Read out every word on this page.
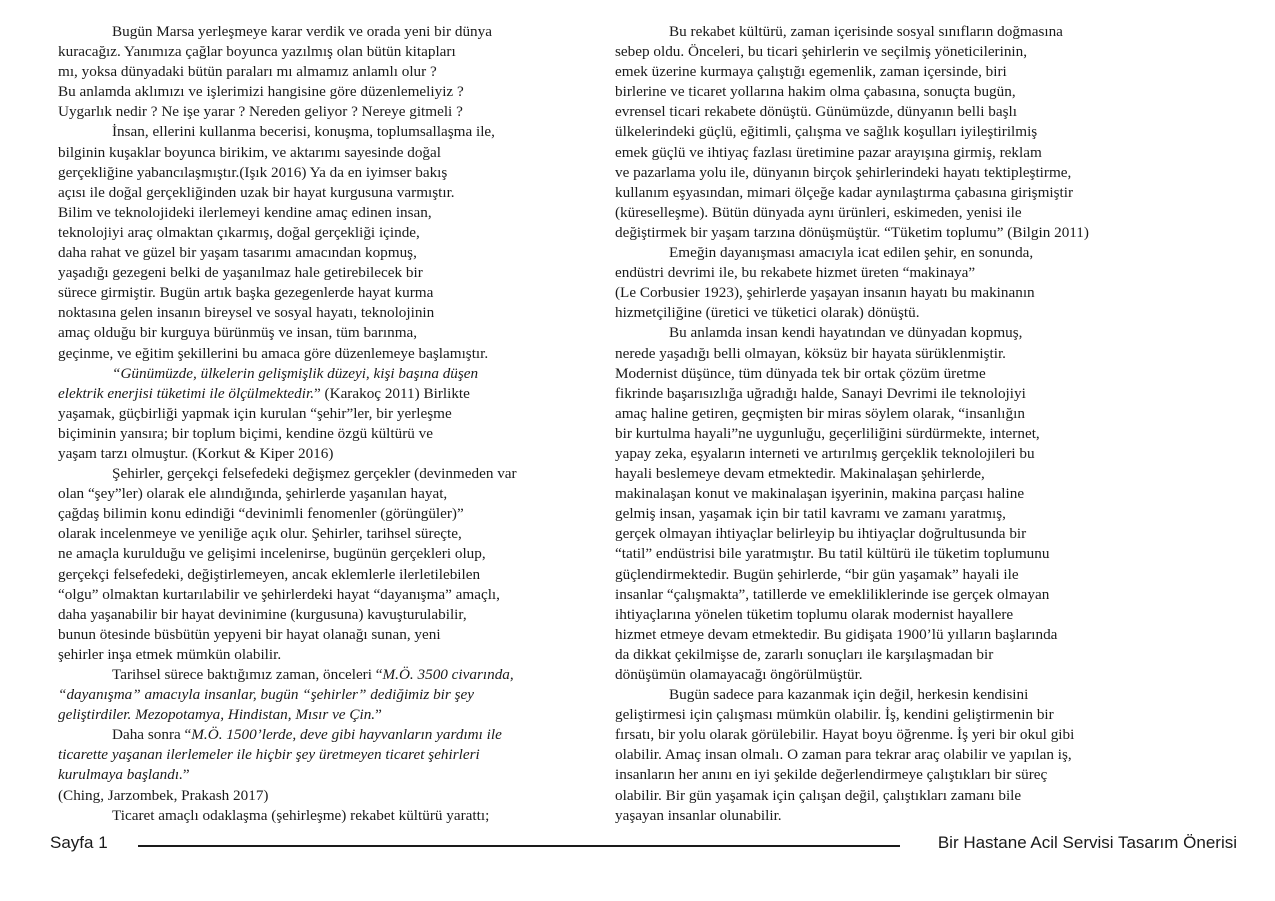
Bugün Marsa yerleşmeye karar verdik ve orada yeni bir dünya
kuracağız. Yanımıza çağlar boyunca yazılmış olan bütün kitapları
mı, yoksa dünyadaki bütün paraları mı almamız anlamlı olur ?
Bu anlamda aklımızı ve işlerimizi hangisine göre düzenlemeliyiz ?
Uygarlık nedir ? Ne işe yarar ? Nereden geliyor ? Nereye gitmeli ?
İnsan, ellerini kullanma becerisi, konuşma, toplumsallaşma ile,
bilginin kuşaklar boyunca birikim, ve aktarımı sayesinde doğal
gerçekliğine yabancılaşmıştır.(Işık 2016) Ya da en iyimser bakış
açısı ile doğal gerçekliğinden uzak bir hayat kurgusuna varmıştır.
Bilim ve teknolojideki ilerlemeyi kendine amaç edinen insan,
teknolojiyi araç olmaktan çıkarmış, doğal gerçekliği içinde,
daha rahat ve güzel bir yaşam tasarımı amacından kopmuş,
yaşadığı gezegeni belki de yaşanılmaz hale getirebilecek bir
sürece girmiştir. Bugün artık başka gezegenlerde hayat kurma
noktasına gelen insanın bireysel ve sosyal hayatı, teknolojinin
amaç olduğu bir kurguya bürünmüş ve insan, tüm barınma,
geçinme, ve eğitim şekillerini bu amaca göre düzenlemeye başlamıştır.
“Günümüzde, ülkelerin gelişmişlik düzeyi, kişi başına düşen
elektrik enerjisi tüketimi ile ölçülmektedir.” (Karakoç 2011) Birlikte
yaşamak, güçbirliği yapmak için kurulan “şehir”ler, bir yerleşme
biçiminin yansıra; bir toplum biçimi, kendine özgü kültürü ve
yaşam tarzı olmuştur. (Korkut & Kiper 2016)
Şehirler, gerçekçi felsefedeki değişmez gerçekler (devinmeden var
olan “şey”ler) olarak ele alındığında, şehirlerde yaşanılan hayat,
çağdaş bilimin konu edindiği “devinimli fenomenler (görüngüler)”
olarak incelenmeye ve yeniliğe açık olur. Şehirler, tarihsel süreçte,
ne amaçla kurulduğu ve gelişimi incelenirse, bugünün gerçekleri olup,
gerçekçi felsefedeki, değiştirlemeyen, ancak eklemlerle ilerletilebilen
“olgu” olmaktan kurtarılabilir ve şehirlerdeki hayat “dayanışma” amaçlı,
daha yaşanabilir bir hayat devinimine (kurgusuna) kavuşturulabilir,
bunun ötesinde büsbütün yepyeni bir hayat olanağı sunan, yeni
şehirler inşa etmek mümkün olabilir.
Tarihsel sürece baktığımız zaman, önceleri “M.Ö. 3500 civarında,
“dayanışma” amacıyla insanlar, bugün “şehirler” dediğimiz bir şey
geliştirdiler. Mezopotamya, Hindistan, Mısır ve Çin.”
Daha sonra “M.Ö. 1500’lerde, deve gibi hayvanların yardımı ile
ticarette yaşanan ilerlemeler ile hiçbir şey üretmeyen ticaret şehirleri
kurulmaya başlandı.”
(Ching, Jarzombek, Prakash 2017)
Ticaret amaçlı odaklaşma (şehirleşme) rekabet kültürü yarattı;
Bu rekabet kültürü, zaman içerisinde sosyal sınıfların doğmasına
sebep oldu. Önceleri, bu ticari şehirlerin ve seçilmiş yöneticilerinin,
emek üzerine kurmaya çalıştığı egemenlik, zaman içersinde, biri
birlerine ve ticaret yollarına hakim olma çabasına, sonuçta bugün,
evrensel ticari rekabete dönüştü. Günümüzde, dünyanın belli başlı
ülkelerindeki güçlü, eğitimli, çalışma ve sağlık koşulları iyileştirilmiş
emek güçlü ve ihtiyaç fazlası üretimine pazar arayışına girmiş, reklam
ve pazarlama yolu ile, dünyanın birçok şehirlerindeki hayatı tektipleştirme,
kullanım eşyasından, mimari ölçeğe kadar aynılaştırma çabasına girişmiştir
(küreselleşme). Bütün dünyada aynı ürünleri, eskimeden, yenisi ile
değiştirmek bir yaşam tarzına dönüşmüştür. “Tüketim toplumu” (Bilgin 2011)
Emeğin dayanışması amacıyla icat edilen şehir, en sonunda,
endüstri devrimi ile, bu rekabete hizmet üreten “makinaya”
(Le Corbusier 1923), şehirlerde yaşayan insanın hayatı bu makinanın
hizmetçiliğine (üretici ve tüketici olarak) dönüştü.
Bu anlamda insan kendi hayatından ve dünyadan kopmuş,
nerede yaşadığı belli olmayan, köksüz bir hayata sürüklenmiştir.
Modernist düşünce, tüm dünyada tek bir ortak çözüm üretme
fikrinde başarısızlığa uğradığı halde, Sanayi Devrimi ile teknolojiyi
amaç haline getiren, geçmişten bir miras söylem olarak, “insanlığın
bir kurtulma hayali”ne uygunluğu, geçerliliğini sürdürmekte, internet,
yapay zeka, eşyaların interneti ve artırılmış gerçeklik teknolojileri bu
hayali beslemeye devam etmektedir. Makinalaşan şehirlerde,
makinalaşan konut ve makinalaşan işyerinin, makina parçası haline
gelmiş insan, yaşamak için bir tatil kavramı ve zamanı yaratmış,
gerçek olmayan ihtiyaçlar belirleyip bu ihtiyaçlar doğrultusunda bir
“tatil” endüstrisi bile yaratmıştır. Bu tatil kültürü ile tüketim toplumunu
güçlendirmektedir. Bugün şehirlerde, “bir gün yaşamak” hayali ile
insanlar “çalışmakta”, tatillerde ve emekliliklerinde ise gerçek olmayan
ihtiyaçlarına yönelen tüketim toplumu olarak modernist hayallere
hizmet etmeye devam etmektedir. Bu gidişata 1900’lü yılların başlarında
da dikkat çekilmişse de, zararlı sonuçları ile karşılaşmadan bir
dönüşümün olamayacağı öngörülmüştür.
Bugün sadece para kazanmak için değil, herkesin kendisini
geliştirmesi için çalışması mümkün olabilir. İş, kendini geliştirmenin bir
fırsatı, bir yolu olarak görülebilir. Hayat boyu öğrenme. İş yeri bir okul gibi
olabilir. Amaç insan olmalı. O zaman para tekrar araç olabilir ve yapılan iş,
insanların her anını en iyi şekilde değerlendirmeye çalıştıkları bir süreç
olabilir. Bir gün yaşamak için çalışan değil, çalıştıkları zamanı bile
yaşayan insanlar olunabilir.
Sayfa 1	Bir Hastane Acil Servisi Tasarım Önerisi
